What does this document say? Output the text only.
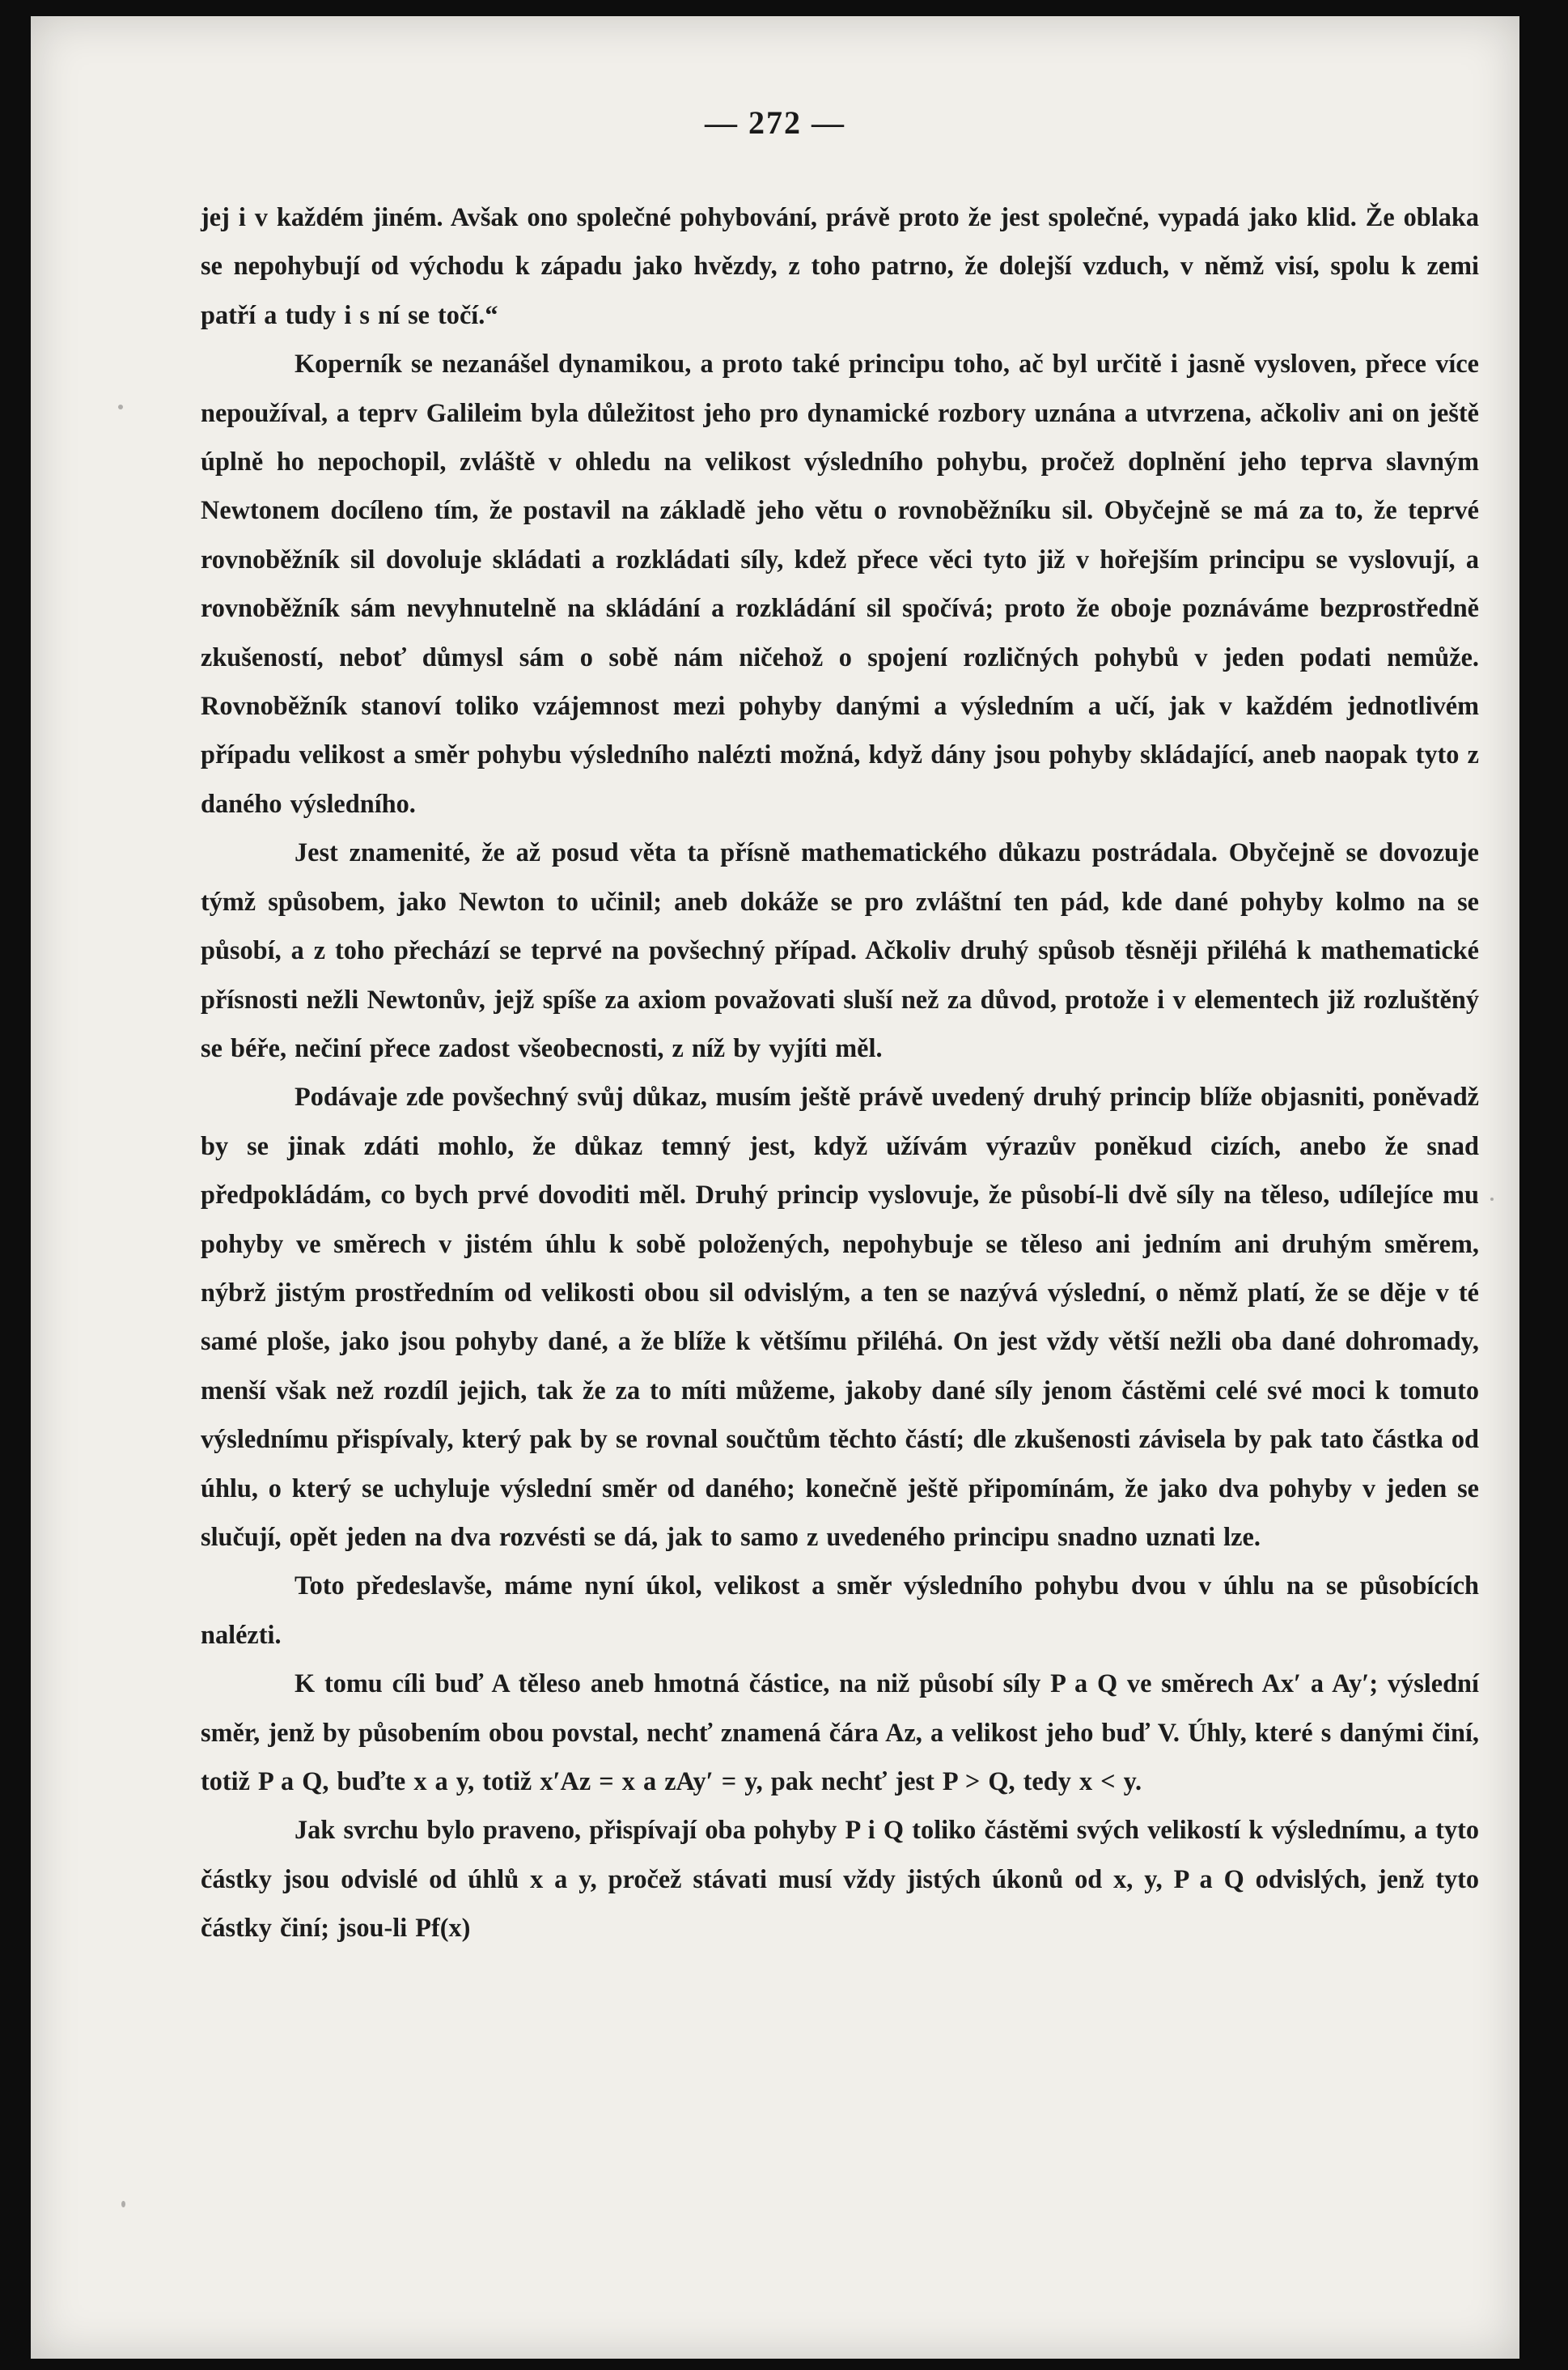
— 272 —

jej i v každém jiném. Avšak ono společné pohybování, právě proto že jest společné, vypadá jako klid. Že oblaka se nepohybují od východu k západu jako hvězdy, z toho patrno, že dolejší vzduch, v němž visí, spolu k zemi patří a tudy i s ní se točí.“

Koperník se nezanášel dynamikou, a proto také principu toho, ač byl určitě i jasně vysloven, přece více nepoužíval, a teprv Galileim byla důležitost jeho pro dynamické rozbory uznána a utvrzena, ačkoliv ani on ještě úplně ho nepochopil, zvláště v ohledu na velikost výsledního pohybu, pročež doplnění jeho teprva slavným Newtonem docíleno tím, že postavil na základě jeho větu o rovnoběžníku sil. Obyčejně se má za to, že teprvé rovnoběžník sil dovoluje skládati a rozkládati síly, kdež přece věci tyto již v hořejším principu se vyslovují, a rovnoběžník sám nevyhnutelně na skládání a rozkládání sil spočívá; proto že oboje poznáváme bezprostředně zkušeností, neboť důmysl sám o sobě nám ničehož o spojení rozličných pohybů v jeden podati nemůže. Rovnoběžník stanoví toliko vzájemnost mezi pohyby danými a výsledním a učí, jak v každém jednotlivém případu velikost a směr pohybu výsledního nalézti možná, když dány jsou pohyby skládající, aneb naopak tyto z daného výsledního.

Jest znamenité, že až posud věta ta přísně mathematického důkazu postrádala. Obyčejně se dovozuje týmž spůsobem, jako Newton to učinil; aneb dokáže se pro zvláštní ten pád, kde dané pohyby kolmo na se působí, a z toho přechází se teprvé na povšechný případ. Ačkoliv druhý spůsob těsněji přiléhá k mathematické přísnosti nežli Newtonův, jejž spíše za axiom považovati sluší než za důvod, protože i v elementech již rozluštěný se béře, nečiní přece zadost všeobecnosti, z níž by vyjíti měl.

Podávaje zde povšechný svůj důkaz, musím ještě právě uvedený druhý princip blíže objasniti, poněvadž by se jinak zdáti mohlo, že důkaz temný jest, když užívám výrazův poněkud cizích, anebo že snad předpokládám, co bych prvé dovoditi měl. Druhý princip vyslovuje, že působí-li dvě síly na těleso, udílejíce mu pohyby ve směrech v jistém úhlu k sobě položených, nepohybuje se těleso ani jedním ani druhým směrem, nýbrž jistým prostředním od velikosti obou sil odvislým, a ten se nazývá výslední, o němž platí, že se děje v té samé ploše, jako jsou pohyby dané, a že blíže k většímu přiléhá. On jest vždy větší nežli oba dané dohromady, menší však než rozdíl jejich, tak že za to míti můžeme, jakoby dané síly jenom částěmi celé své moci k tomuto výslednímu přispívaly, který pak by se rovnal součtům těchto částí; dle zkušenosti závisela by pak tato částka od úhlu, o který se uchyluje výslední směr od daného; konečně ještě připomínám, že jako dva pohyby v jeden se slučují, opět jeden na dva rozvésti se dá, jak to samo z uvedeného principu snadno uznati lze.

Toto předeslavše, máme nyní úkol, velikost a směr výsledního pohybu dvou v úhlu na se působících nalézti.

K tomu cíli buď A těleso aneb hmotná částice, na niž působí síly P a Q ve směrech Ax′ a Ay′; výslední směr, jenž by působením obou povstal, nechť znamená čára Az, a velikost jeho buď V. Úhly, které s danými činí, totiž P a Q, buďte x a y, totiž x′Az = x a zAy′ = y, pak nechť jest P > Q, tedy x < y.

Jak svrchu bylo praveno, přispívají oba pohyby P i Q toliko částěmi svých velikostí k výslednímu, a tyto částky jsou odvislé od úhlů x a y, pročež stávati musí vždy jistých úkonů od x, y, P a Q odvislých, jenž tyto částky činí; jsou-li Pf(x)
